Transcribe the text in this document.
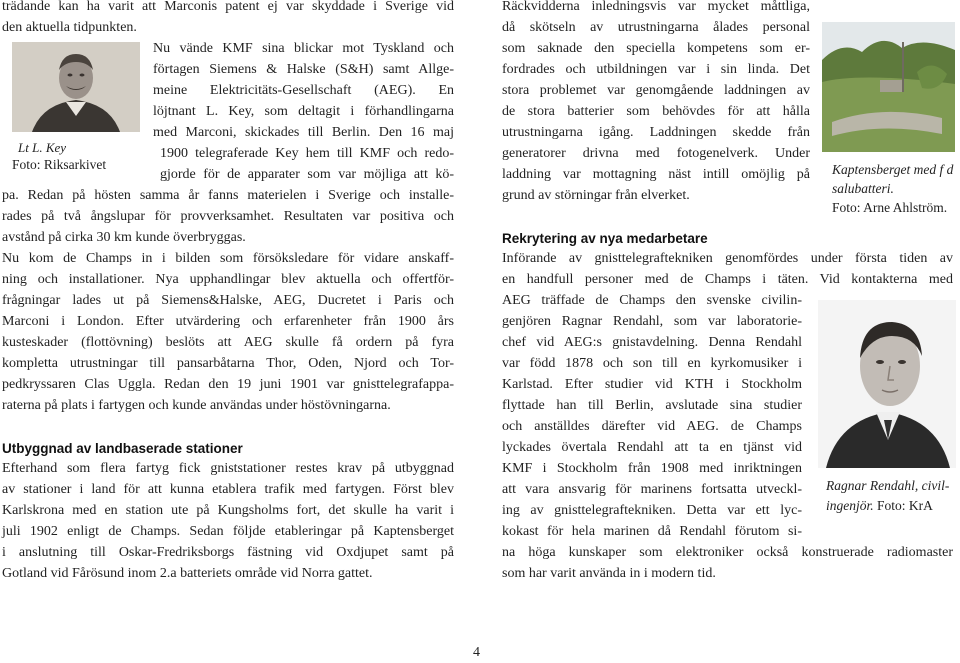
trädande kan ha varit att Marconis patent ej var skyddade i Sverige vid
den aktuella tidpunkten.
Lt L. Key
Foto: Riksarkivet
Nu vände KMF sina blickar mot Tyskland och
förtagen Siemens & Halske (S&H) samt Allge-
meine Elektricitäts-Gesellschaft (AEG). En
löjtnant L. Key, som deltagit i förhandlingarna
med Marconi, skickades till Berlin. Den 16 maj
1900 telegraferade Key hem till KMF och redo-
gjorde för de apparater som var möjliga att kö-
pa. Redan på hösten samma år fanns materielen i Sverige och installe-
rades på två ångslupar för provverksamhet. Resultaten var positiva och
avstånd på cirka 30 km kunde överbryggas.
Nu kom de Champs in i bilden som försöksledare för vidare anskaff-
ning och installationer. Nya upphandlingar blev aktuella och offertför-
frågningar lades ut på Siemens&Halske, AEG, Ducretet i Paris och
Marconi i London. Efter utvärdering och erfarenheter från 1900 års
kusteskader (flottövning) beslöts att AEG skulle få ordern på fyra
kompletta utrustningar till pansarbåtarna Thor, Oden, Njord och Tor-
pedkryssaren Clas Uggla. Redan den 19 juni 1901 var gnisttelegrafappa-
raterna på plats i fartygen och kunde användas under höstövningarna.
Utbyggnad av landbaserade stationer
Efterhand som flera fartyg fick gniststationer restes krav på utbyggnad
av stationer i land för att kunna etablera trafik med fartygen. Först blev
Karlskrona med en station ute på Kungsholms fort, det skulle ha varit i
juli 1902 enligt de Champs. Sedan följde etableringar på Kaptensberget
i anslutning till Oskar-Fredriksborgs fästning vid Oxdjupet samt på
Gotland vid Fårösund inom 2.a batteriets område vid Norra gattet.
Räckvidderna inledningsvis var mycket måttliga,
då skötseln av utrustningarna ålades personal
som saknade den speciella kompetens som er-
fordrades och utbildningen var i sin linda. Det
stora problemet var genomgående laddningen av
de stora batterier som behövdes för att hålla
utrustningarna igång. Laddningen skedde från
generatorer drivna med fotogenelverk. Under
laddning var mottagning näst intill omöjlig på
grund av störningar från elverket.
Kaptensberget med f d
salubatteri.
Foto: Arne Ahlström.
Rekrytering av nya medarbetare
Införande av gnisttelegraftekniken genomfördes under första tiden av
en handfull personer med de Champs i täten. Vid kontakterna med
AEG träffade de Champs den svenske civilin-
genjören Ragnar Rendahl, som var laboratorie-
chef vid AEG:s gnistavdelning. Denna Rendahl
var född 1878 och son till en kyrkomusiker i
Karlstad. Efter studier vid KTH i Stockholm
flyttade han till Berlin, avslutade sina studier
och anställdes därefter vid AEG. de Champs
lyckades övertala Rendahl att ta en tjänst vid
KMF i Stockholm från 1908 med inriktningen
att vara ansvarig för marinens fortsatta utveckl-
ing av gnisttelegraftekniken. Detta var ett lyc-
kokast för hela marinen då Rendahl förutom si-
Ragnar Rendahl, civil-
ingenjör. Foto: KrA
na höga kunskaper som elektroniker också konstruerade radiomaster
som har varit använda in i modern tid.
4
